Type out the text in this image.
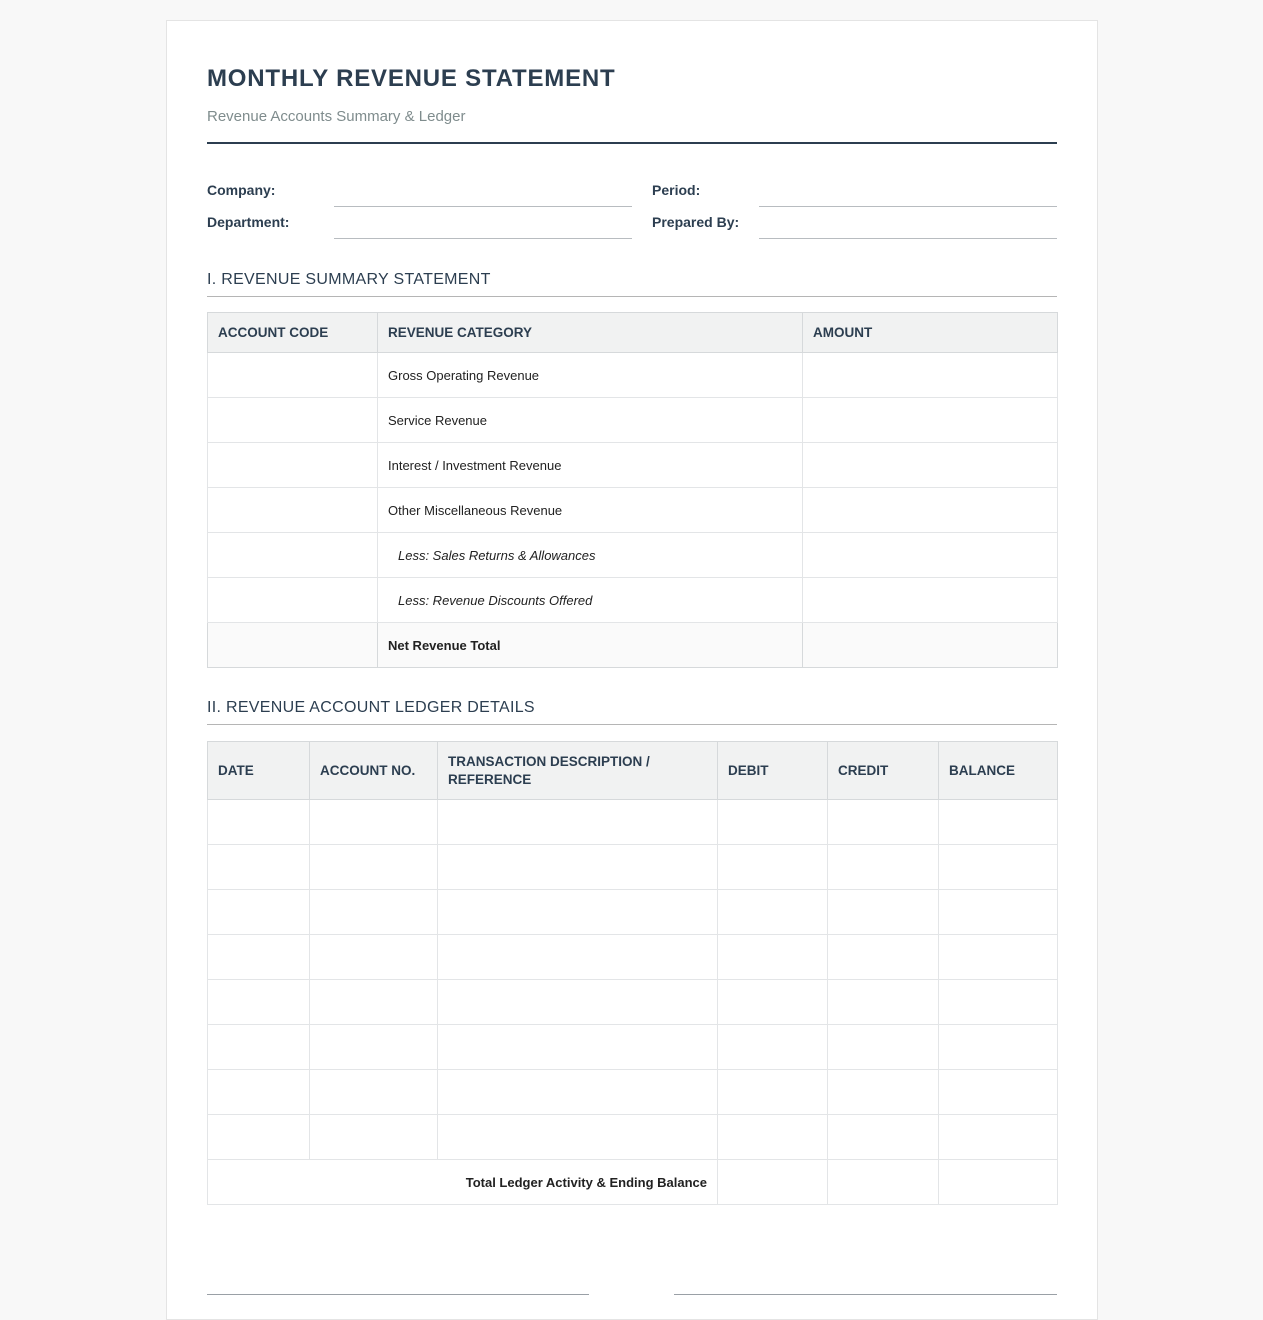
MONTHLY REVENUE STATEMENT
Revenue Accounts Summary & Ledger
Company:	Period:
Department:	Prepared By:
I. REVENUE SUMMARY STATEMENT
ACCOUNT CODE	REVENUE CATEGORY	AMOUNT
	Gross Operating Revenue	
	Service Revenue	
	Interest / Investment Revenue	
	Other Miscellaneous Revenue	
	Less: Sales Returns & Allowances	
	Less: Revenue Discounts Offered	
	Net Revenue Total	
II. REVENUE ACCOUNT LEDGER DETAILS
DATE	ACCOUNT NO.	TRANSACTION DESCRIPTION / REFERENCE	DEBIT	CREDIT	BALANCE

Total Ledger Activity & Ending Balance					
